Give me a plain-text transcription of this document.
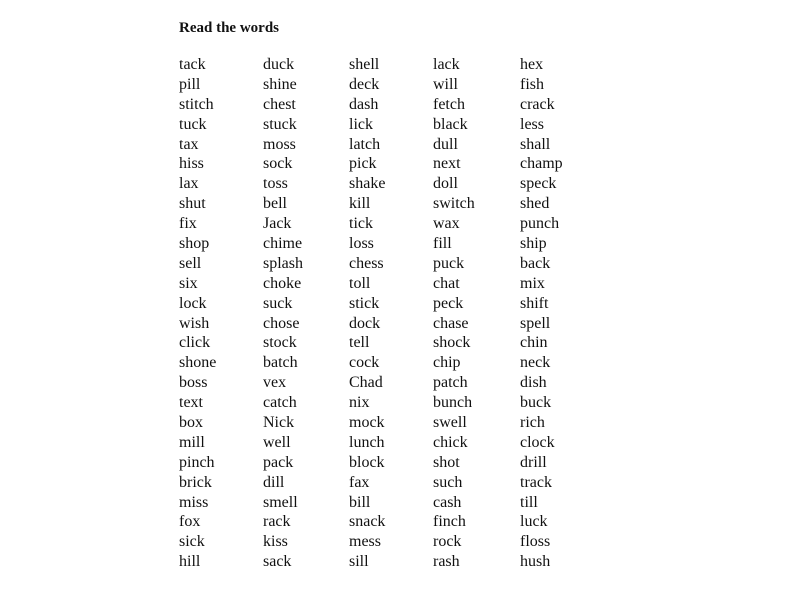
Read the words
tack
pill
stitch
tuck
tax
hiss
lax
shut
fix
shop
sell
six
lock
wish
click
shone
boss
text
box
mill
pinch
brick
miss
fox
sick
hill
duck
shine
chest
stuck
moss
sock
toss
bell
Jack
chime
splash
choke
suck
chose
stock
batch
vex
catch
Nick
well
pack
dill
smell
rack
kiss
sack
shell
deck
dash
lick
latch
pick
shake
kill
tick
loss
chess
toll
stick
dock
tell
cock
Chad
nix
mock
lunch
block
fax
bill
snack
mess
sill
lack
will
fetch
black
dull
next
doll
switch
wax
fill
puck
chat
peck
chase
shock
chip
patch
bunch
swell
chick
shot
such
cash
finch
rock
rash
hex
fish
crack
less
shall
champ
speck
shed
punch
ship
back
mix
shift
spell
chin
neck
dish
buck
rich
clock
drill
track
till
luck
floss
hush
